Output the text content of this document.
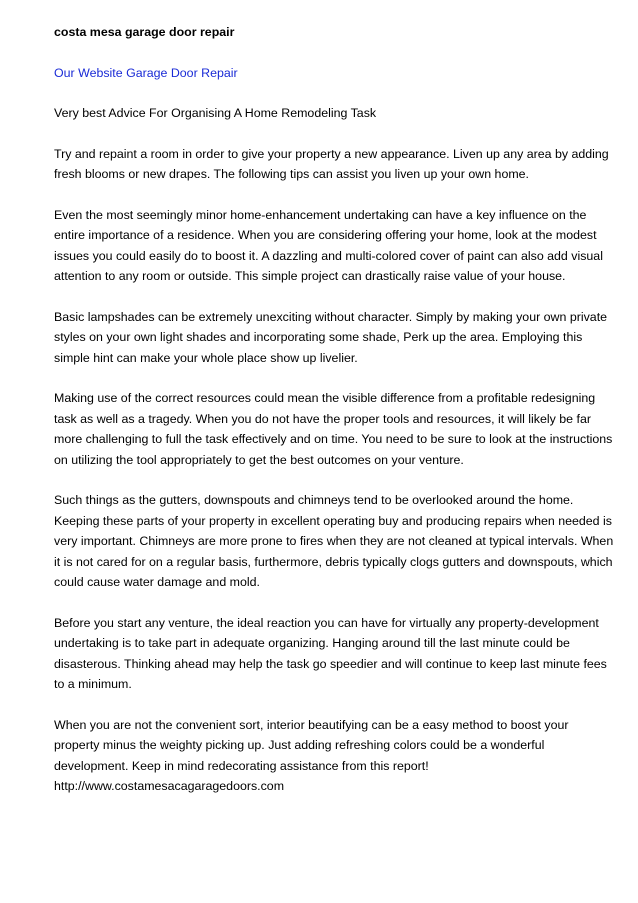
costa mesa garage door repair
Our Website Garage Door Repair
Very best Advice For Organising A Home Remodeling Task

Try and repaint a room in order to give your property a new appearance. Liven up any area by adding fresh blooms or new drapes. The following tips can assist you liven up your own home.

Even the most seemingly minor home-enhancement undertaking can have a key influence on the entire importance of a residence. When you are considering offering your home, look at the modest issues you could easily do to boost it. A dazzling and multi-colored cover of paint can also add visual attention to any room or outside. This simple project can drastically raise value of your house.

Basic lampshades can be extremely unexciting without character. Simply by making your own private styles on your own light shades and incorporating some shade, Perk up the area. Employing this simple hint can make your whole place show up livelier.

Making use of the correct resources could mean the visible difference from a profitable redesigning task as well as a tragedy. When you do not have the proper tools and resources, it will likely be far more challenging to full the task effectively and on time. You need to be sure to look at the instructions on utilizing the tool appropriately to get the best outcomes on your venture.

Such things as the gutters, downspouts and chimneys tend to be overlooked around the home. Keeping these parts of your property in excellent operating buy and producing repairs when needed is very important. Chimneys are more prone to fires when they are not cleaned at typical intervals. When it is not cared for on a regular basis, furthermore, debris typically clogs gutters and downspouts, which could cause water damage and mold.

Before you start any venture, the ideal reaction you can have for virtually any property-development undertaking is to take part in adequate organizing. Hanging around till the last minute could be disasterous. Thinking ahead may help the task go speedier and will continue to keep last minute fees to a minimum.

When you are not the convenient sort, interior beautifying can be a easy method to boost your property minus the weighty picking up. Just adding refreshing colors could be a wonderful development. Keep in mind redecorating assistance from this report!

http://www.costamesacagaragedoors.com
